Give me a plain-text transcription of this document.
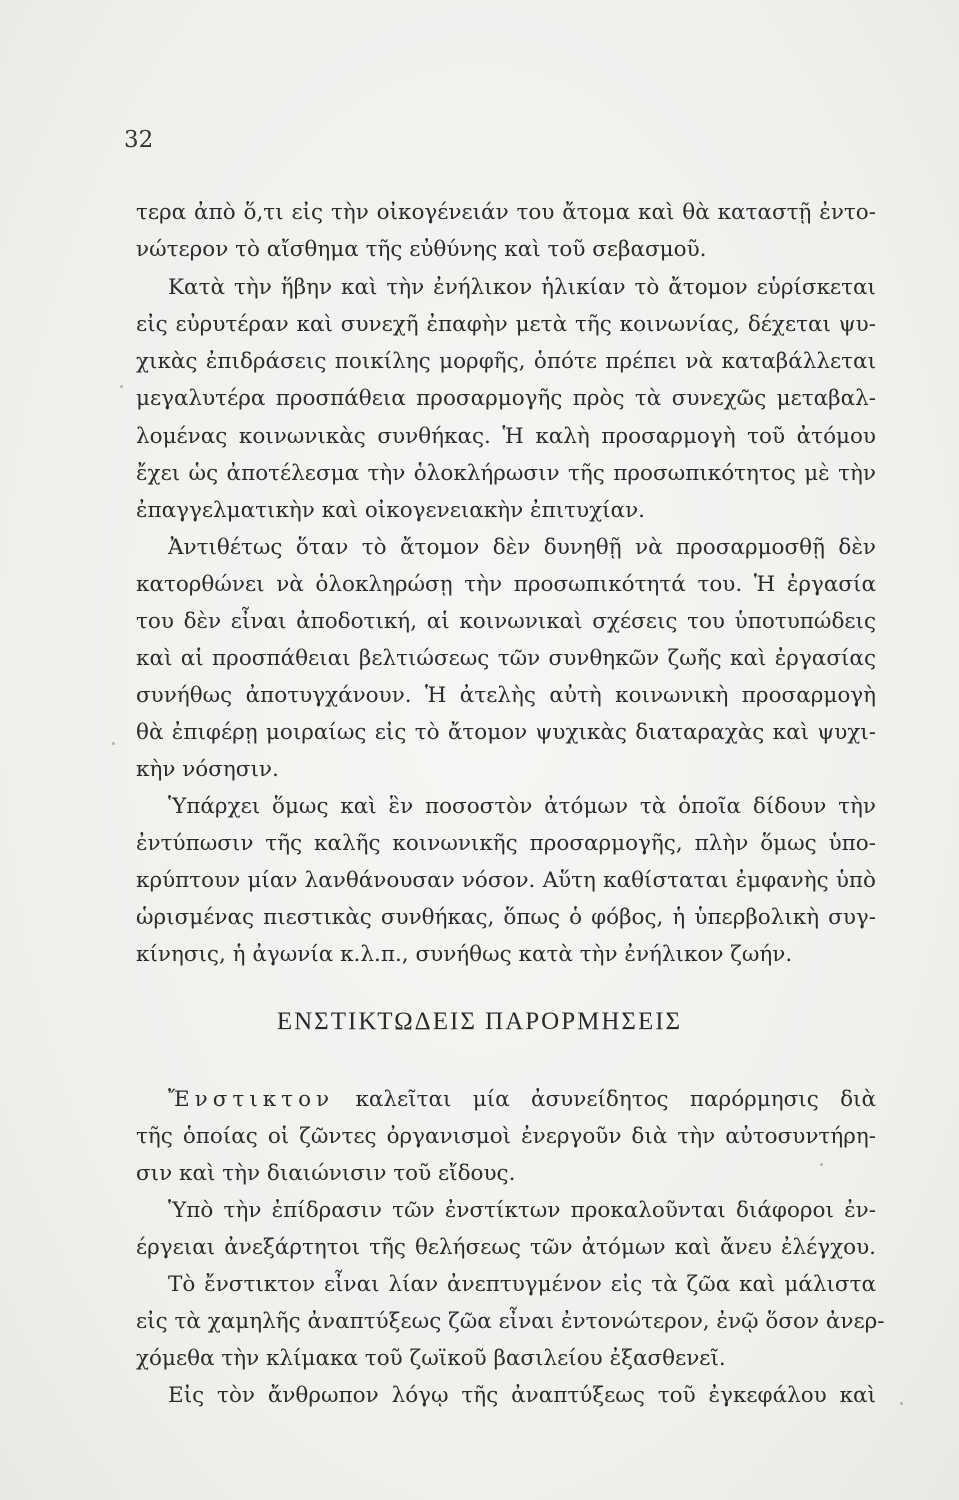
32
τερα ἀπὸ ὅ,τι εἰς τὴν οἰκογένειάν του ἄτομα καὶ θὰ καταστῇ ἐντο-
νώτερον τὸ αἴσθημα τῆς εὐθύνης καὶ τοῦ σεβασμοῦ.
Κατὰ τὴν ἥβην καὶ τὴν ἐνήλικον ἡλικίαν τὸ ἄτομον εὑρίσκεται
εἰς εὐρυτέραν καὶ συνεχῆ ἐπαφὴν μετὰ τῆς κοινωνίας, δέχεται ψυ-
χικὰς ἐπιδράσεις ποικίλης μορφῆς, ὁπότε πρέπει νὰ καταβάλλεται
μεγαλυτέρα προσπάθεια προσαρμογῆς πρὸς τὰ συνεχῶς μεταβαλ-
λομένας κοινωνικὰς συνθήκας. Ἡ καλὴ προσαρμογὴ τοῦ ἀτόμου
ἔχει ὡς ἀποτέλεσμα τὴν ὁλοκλήρωσιν τῆς προσωπικότητος μὲ τὴν
ἐπαγγελματικὴν καὶ οἰκογενειακὴν ἐπιτυχίαν.
Ἀντιθέτως ὅταν τὸ ἄτομον δὲν δυνηθῇ νὰ προσαρμοσθῇ δὲν
κατορθώνει νὰ ὁλοκληρώσῃ τὴν προσωπικότητά του. Ἡ ἐργασία
του δὲν εἶναι ἀποδοτική, αἱ κοινωνικαὶ σχέσεις του ὑποτυπώδεις
καὶ αἱ προσπάθειαι βελτιώσεως τῶν συνθηκῶν ζωῆς καὶ ἐργασίας
συνήθως ἀποτυγχάνουν. Ἡ ἀτελὴς αὐτὴ κοινωνικὴ προσαρμογὴ
θὰ ἐπιφέρῃ μοιραίως εἰς τὸ ἄτομον ψυχικὰς διαταραχὰς καὶ ψυχι-
κὴν νόσησιν.
Ὑπάρχει ὅμως καὶ ἓν ποσοστὸν ἀτόμων τὰ ὁποῖα δίδουν τὴν
ἐντύπωσιν τῆς καλῆς κοινωνικῆς προσαρμογῆς, πλὴν ὅμως ὑπο-
κρύπτουν μίαν λανθάνουσαν νόσον. Αὕτη καθίσταται ἐμφανὴς ὑπὸ
ὡρισμένας πιεστικὰς συνθήκας, ὅπως ὁ φόβος, ἡ ὑπερβολικὴ συγ-
κίνησις, ἡ ἀγωνία κ.λ.π., συνήθως κατὰ τὴν ἐνήλικον ζωήν.
ΕΝΣΤΙΚΤΩΔΕΙΣ ΠΑΡΟΡΜΗΣΕΙΣ
Ἔνστικτον καλεῖται μία ἀσυνείδητος παρόρμησις διὰ
τῆς ὁποίας οἱ ζῶντες ὀργανισμοὶ ἐνεργοῦν διὰ τὴν αὐτοσυντήρη-
σιν καὶ τὴν διαιώνισιν τοῦ εἴδους.
Ὑπὸ τὴν ἐπίδρασιν τῶν ἐνστίκτων προκαλοῦνται διάφοροι ἐν-
έργειαι ἀνεξάρτητοι τῆς θελήσεως τῶν ἀτόμων καὶ ἄνευ ἐλέγχου.
Τὸ ἔνστικτον εἶναι λίαν ἀνεπτυγμένον εἰς τὰ ζῶα καὶ μάλιστα
εἰς τὰ χαμηλῆς ἀναπτύξεως ζῶα εἶναι ἐντονώτερον, ἐνῷ ὅσον ἀνερ-
χόμεθα τὴν κλίμακα τοῦ ζωϊκοῦ βασιλείου ἐξασθενεῖ.
Εἰς τὸν ἄνθρωπον λόγῳ τῆς ἀναπτύξεως τοῦ ἐγκεφάλου καὶ
